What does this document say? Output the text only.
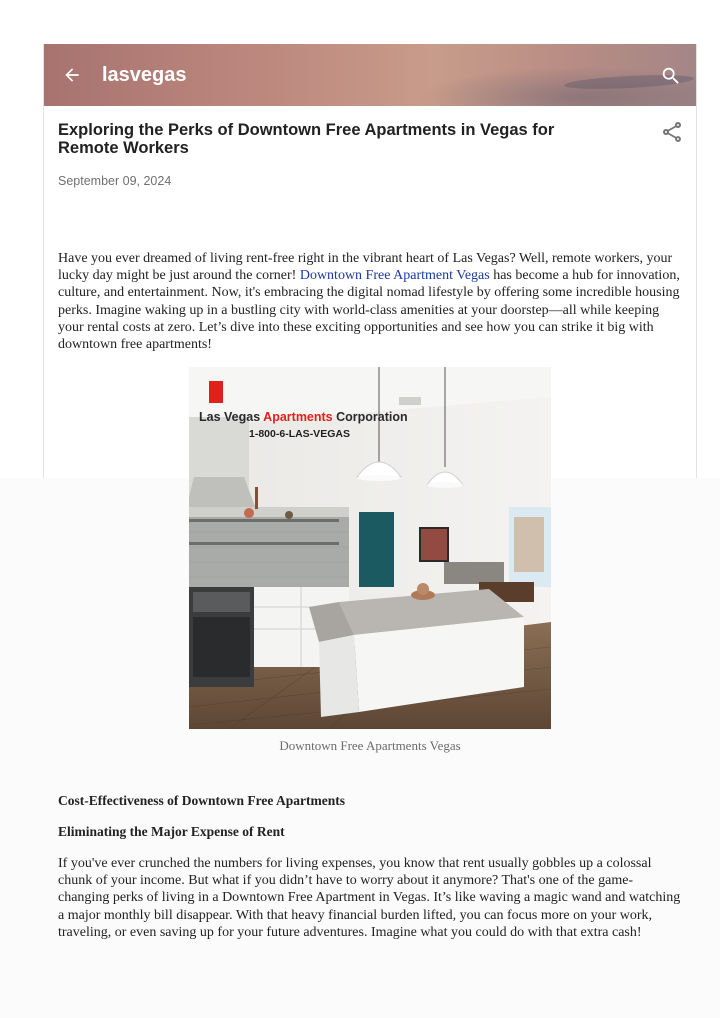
lasvegas
Exploring the Perks of Downtown Free Apartments in Vegas for Remote Workers
September 09, 2024

Have you ever dreamed of living rent-free right in the vibrant heart of Las Vegas? Well, remote workers, your lucky day might be just around the corner! Downtown Free Apartment Vegas has become a hub for innovation, culture, and entertainment. Now, it's embracing the digital nomad lifestyle by offering some incredible housing perks. Imagine waking up in a bustling city with world-class amenities at your doorstep—all while keeping your rental costs at zero. Let’s dive into these exciting opportunities and see how you can strike it big with downtown free apartments!

Las Vegas Apartments Corporation
1-800-6-LAS-VEGAS
Downtown Free Apartments Vegas
Cost-Effectiveness of Downtown Free Apartments
Eliminating the Major Expense of Rent

If you've ever crunched the numbers for living expenses, you know that rent usually gobbles up a colossal chunk of your income. But what if you didn’t have to worry about it anymore? That's one of the game-changing perks of living in a Downtown Free Apartment in Vegas. It’s like waving a magic wand and watching a major monthly bill disappear. With that heavy financial burden lifted, you can focus more on your work, traveling, or even saving up for your future adventures. Imagine what you could do with that extra cash!
